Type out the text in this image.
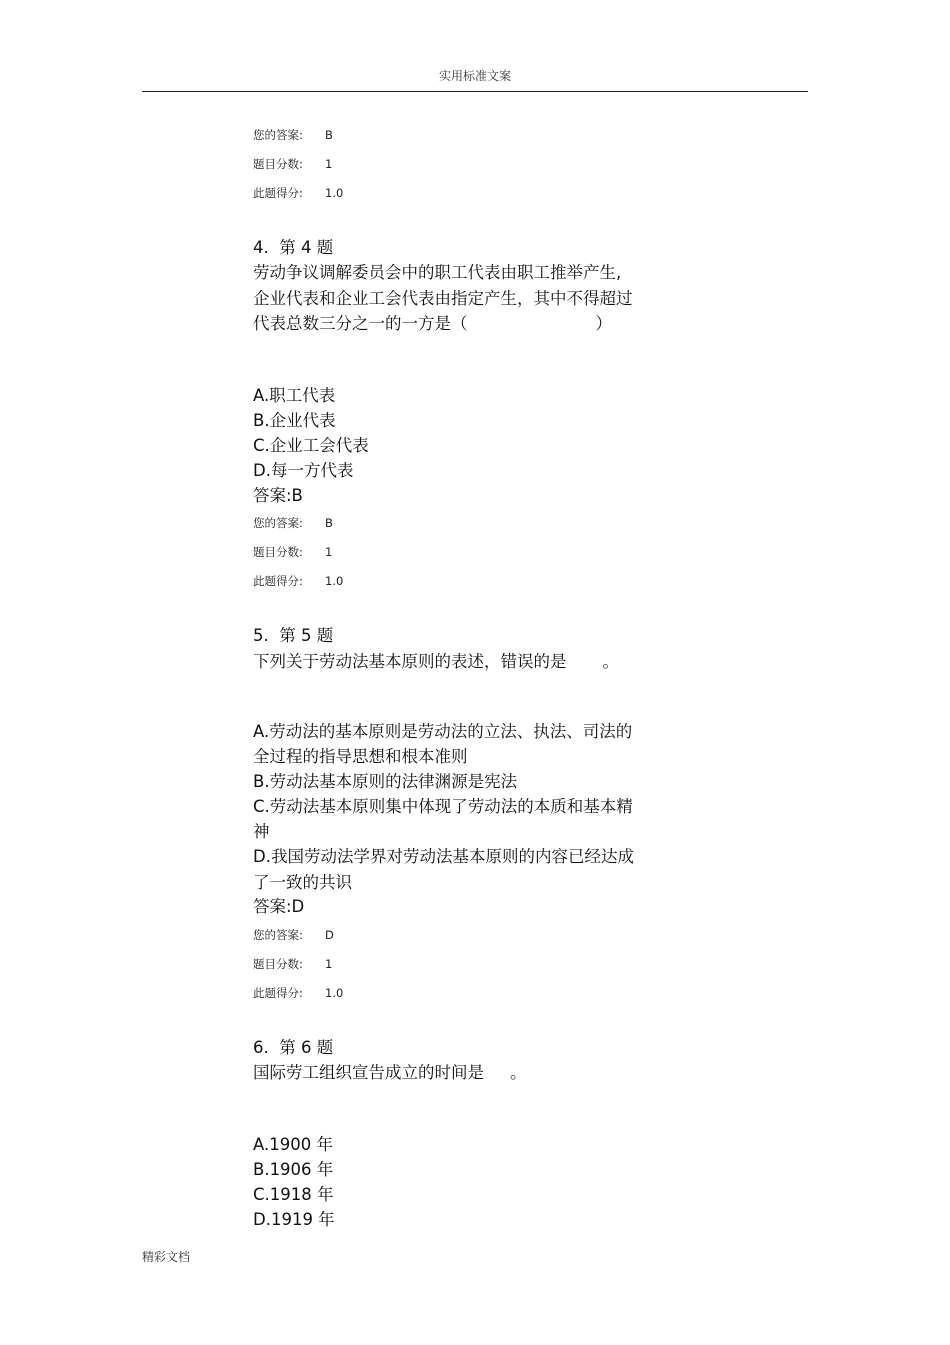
实用标准文案
您的答案: B
题目分数: 1
此题得分: 1.0
4. 第 4 题
劳动争议调解委员会中的职工代表由职工推举产生,
企业代表和企业工会代表由指定产生，其中不得超过
代表总数三分之一的一方是（	）
A.职工代表
B.企业代表
C.企业工会代表
D.每一方代表
答案:B
您的答案: B
题目分数: 1
此题得分: 1.0
5. 第 5 题
下列关于劳动法基本原则的表述，错误的是 。
A.劳动法的基本原则是劳动法的立法、执法、司法的
全过程的指导思想和根本准则
B.劳动法基本原则的法律渊源是宪法
C.劳动法基本原则集中体现了劳动法的本质和基本精
神
D.我国劳动法学界对劳动法基本原则的内容已经达成
了一致的共识
答案:D
您的答案: D
题目分数: 1
此题得分: 1.0
6. 第 6 题
国际劳工组织宣告成立的时间是 。
A.1900 年
B.1906 年
C.1918 年
D.1919 年
精彩文档
